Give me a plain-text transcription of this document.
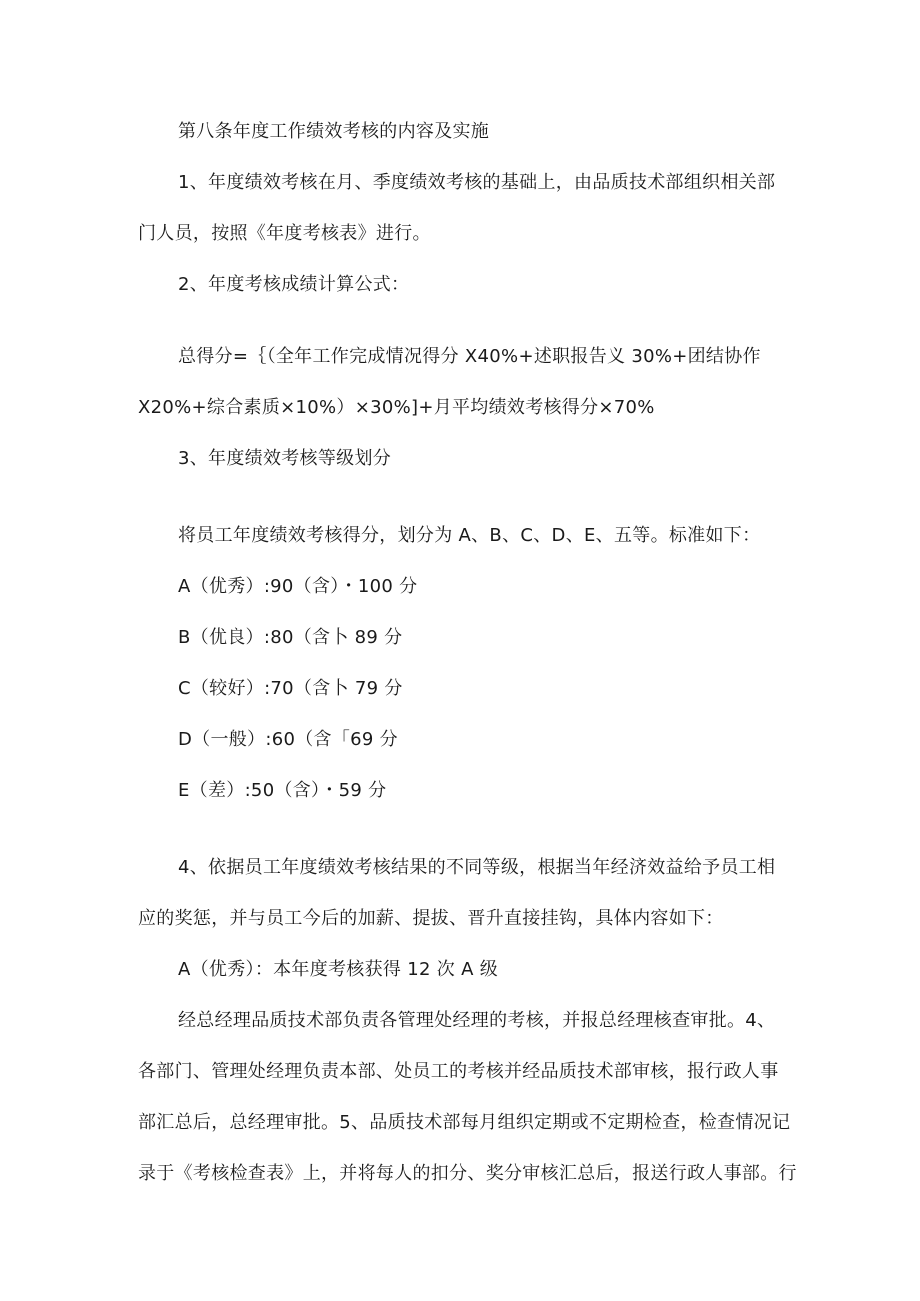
第八条年度工作绩效考核的内容及实施
1、年度绩效考核在月、季度绩效考核的基础上，由品质技术部组织相关部
门人员，按照《年度考核表》进行。
2、年度考核成绩计算公式：
总得分=｛（全年工作完成情况得分 X40%+述职报告义 30%+团结协作
X20%+综合素质×10%）×30%]+月平均绩效考核得分×70%
3、年度绩效考核等级划分
将员工年度绩效考核得分，划分为 A、B、C、D、E、五等。标准如下：
A（优秀）:90（含）・100 分
B（优良）:80（含卜 89 分
C（较好）:70（含卜 79 分
D（一般）:60（含「69 分
E（差）:50（含）・59 分
4、依据员工年度绩效考核结果的不同等级，根据当年经济效益给予员工相
应的奖惩，并与员工今后的加薪、提拔、晋升直接挂钩，具体内容如下：
A（优秀）：本年度考核获得 12 次 A 级
经总经理品质技术部负责各管理处经理的考核，并报总经理核查审批。4、
各部门、管理处经理负责本部、处员工的考核并经品质技术部审核，报行政人事
部汇总后，总经理审批。5、品质技术部每月组织定期或不定期检查，检查情况记
录于《考核检查表》上，并将每人的扣分、奖分审核汇总后，报送行政人事部。行
